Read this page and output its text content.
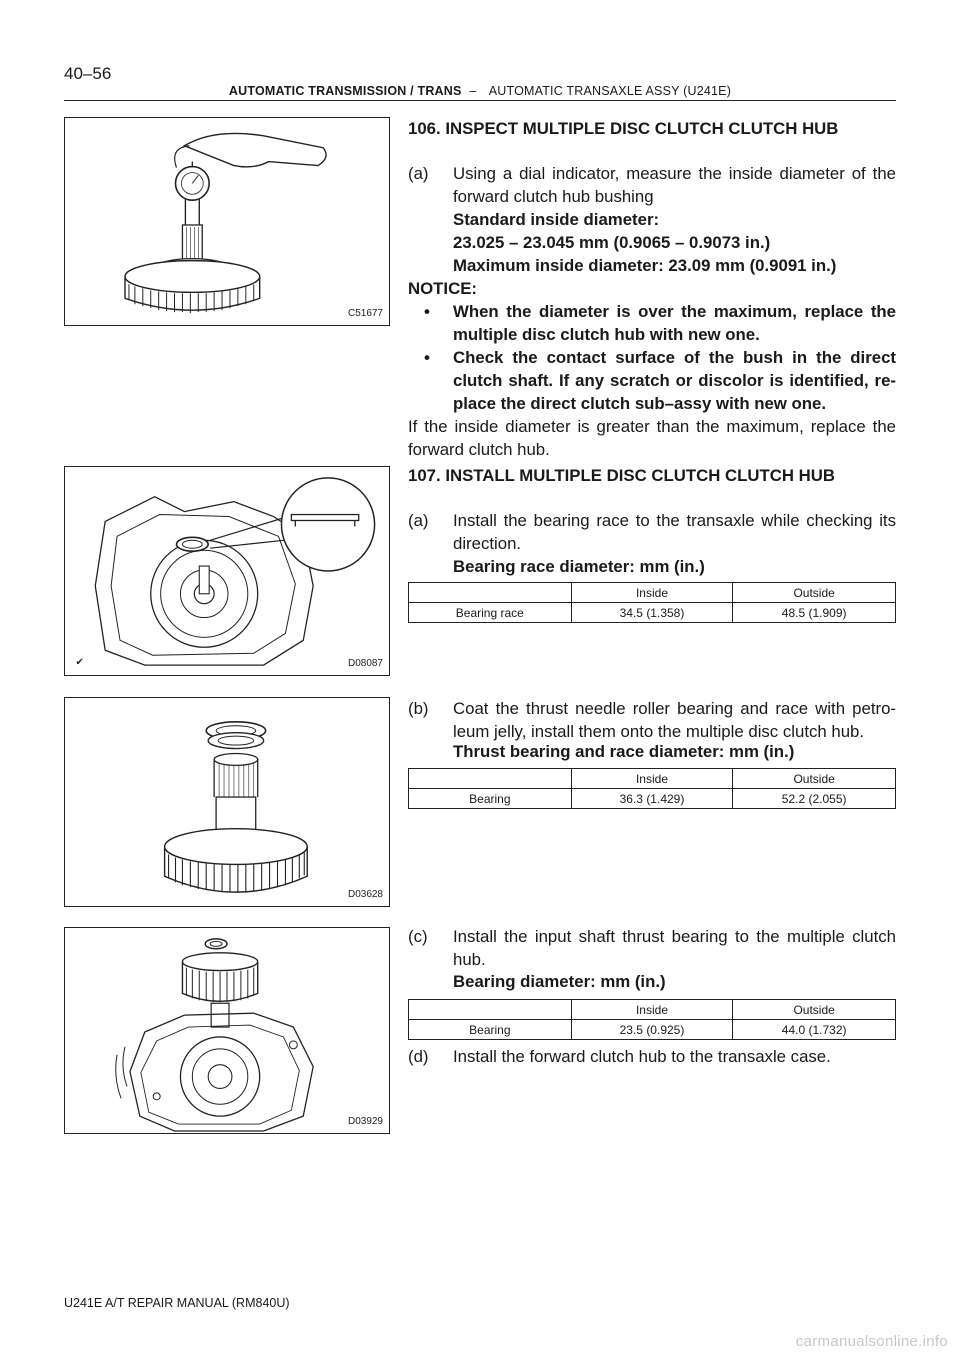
40–56
AUTOMATIC TRANSMISSION / TRANS – AUTOMATIC TRANSAXLE ASSY (U241E)
C51677
✔	D08087
D03628
D03929
106. INSPECT MULTIPLE DISC CLUTCH CLUTCH HUB
(a) Using a dial indicator, measure the inside diameter of the forward clutch hub bushing
Standard inside diameter:
23.025 – 23.045 mm (0.9065 – 0.9073 in.)
Maximum inside diameter: 23.09 mm (0.9091 in.)
NOTICE:
• When the diameter is over the maximum, replace the multiple disc clutch hub with new one.
• Check the contact surface of the bush in the direct clutch shaft. If any scratch or discolor is identified, re-place the direct clutch sub–assy with new one.
If the inside diameter is greater than the maximum, replace the forward clutch hub.
107. INSTALL MULTIPLE DISC CLUTCH CLUTCH HUB
(a) Install the bearing race to the transaxle while checking its direction.
Bearing race diameter: mm (in.)
	Inside	Outside
Bearing race	34.5 (1.358)	48.5 (1.909)
(b) Coat the thrust needle roller bearing and race with petro-leum jelly, install them onto the multiple disc clutch hub.
Thrust bearing and race diameter: mm (in.)
	Inside	Outside
Bearing	36.3 (1.429)	52.2 (2.055)
(c) Install the input shaft thrust bearing to the multiple clutch hub.
Bearing diameter: mm (in.)
	Inside	Outside
Bearing	23.5 (0.925)	44.0 (1.732)
(d) Install the forward clutch hub to the transaxle case.
U241E A/T REPAIR MANUAL (RM840U)
carmanualsonline.info
